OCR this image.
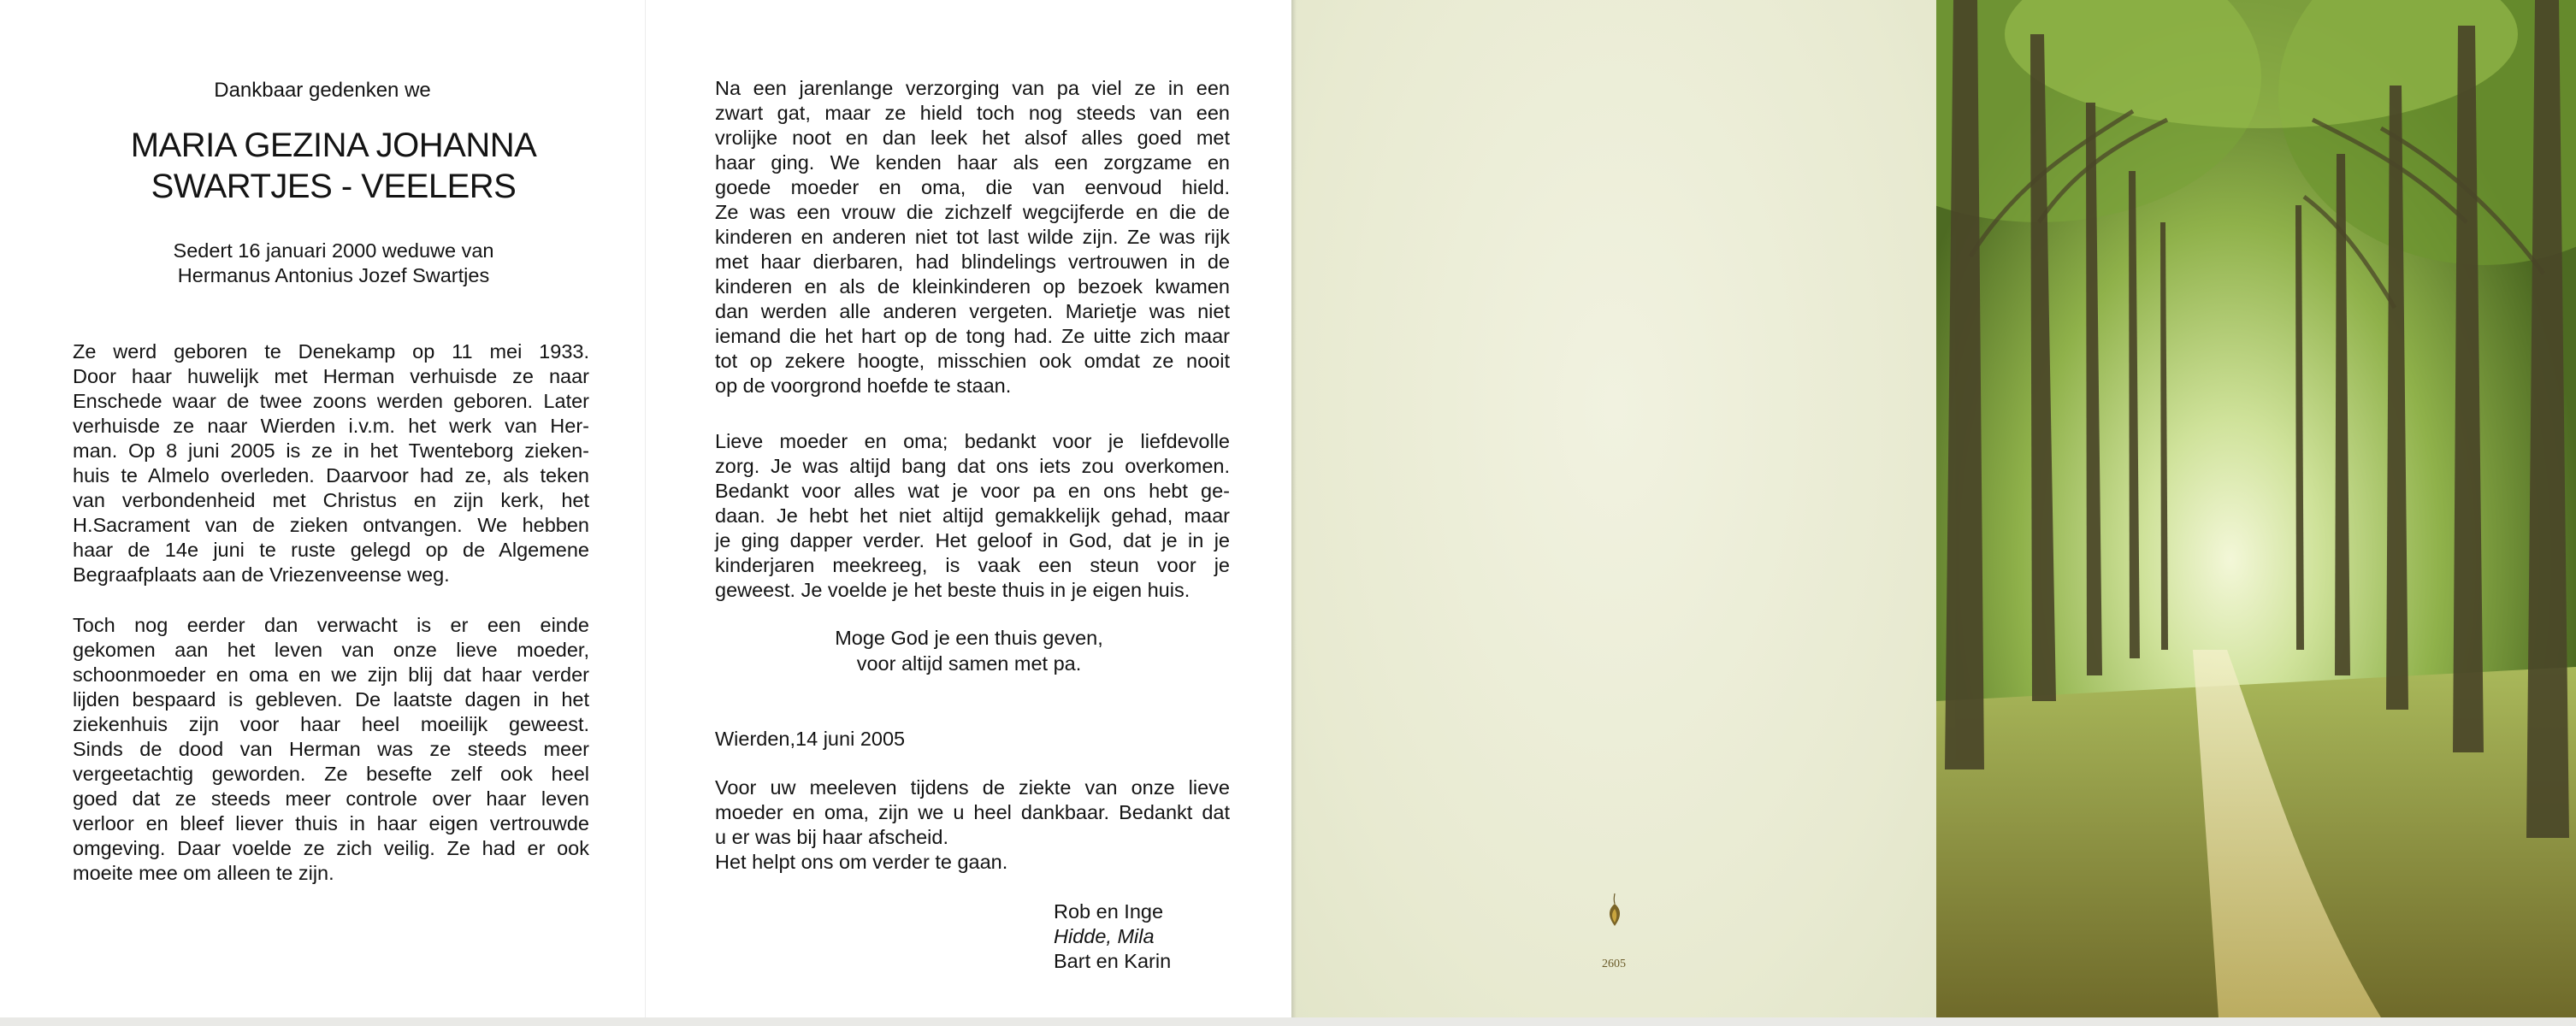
Dankbaar gedenken we
MARIA GEZINA JOHANNA
SWARTJES - VEELERS
Sedert 16 januari 2000 weduwe van
Hermanus Antonius Jozef Swartjes
Ze werd geboren te Denekamp op 11 mei 1933.
Door haar huwelijk met Herman verhuisde ze naar
Enschede waar de twee zoons werden geboren. Later
verhuisde ze naar Wierden i.v.m. het werk van Her-
man. Op 8 juni 2005 is ze in het Twenteborg zieken-
huis te Almelo overleden. Daarvoor had ze, als teken
van verbondenheid met Christus en zijn kerk, het
H.Sacrament van de zieken ontvangen. We hebben
haar de 14e juni te ruste gelegd op de Algemene
Begraafplaats aan de Vriezenveense weg.
Toch nog eerder dan verwacht is er een einde
gekomen aan het leven van onze lieve moeder,
schoonmoeder en oma en we zijn blij dat haar verder
lijden bespaard is gebleven. De laatste dagen in het
ziekenhuis zijn voor haar heel moeilijk geweest.
Sinds de dood van Herman was ze steeds meer
vergeetachtig geworden. Ze besefte zelf ook heel
goed dat ze steeds meer controle over haar leven
verloor en bleef liever thuis in haar eigen vertrouwde
omgeving. Daar voelde ze zich veilig. Ze had er ook
moeite mee om alleen te zijn.
Na een jarenlange verzorging van pa viel ze in een
zwart gat, maar ze hield toch nog steeds van een
vrolijke noot en dan leek het alsof alles goed met
haar ging. We kenden haar als een zorgzame en
goede moeder en oma, die van eenvoud hield.
Ze was een vrouw die zichzelf wegcijferde en die de
kinderen en anderen niet tot last wilde zijn. Ze was rijk
met haar dierbaren, had blindelings vertrouwen in de
kinderen en als de kleinkinderen op bezoek kwamen
dan werden alle anderen vergeten. Marietje was niet
iemand die het hart op de tong had. Ze uitte zich maar
tot op zekere hoogte, misschien ook omdat ze nooit
op de voorgrond hoefde te staan.
Lieve moeder en oma; bedankt voor je liefdevolle
zorg. Je was altijd bang dat ons iets zou overkomen.
Bedankt voor alles wat je voor pa en ons hebt ge-
daan. Je hebt het niet altijd gemakkelijk gehad, maar
je ging dapper verder. Het geloof in God, dat je in je
kinderjaren meekreeg, is vaak een steun voor je
geweest. Je voelde je het beste thuis in je eigen huis.
Moge God je een thuis geven,
voor altijd samen met pa.
Wierden,14 juni 2005
Voor uw meeleven tijdens de ziekte van onze lieve
moeder en oma, zijn we u heel dankbaar. Bedankt dat
u er was bij haar afscheid.
Het helpt ons om verder te gaan.
Rob en Inge
Hidde, Mila
Bart en Karin	2605
